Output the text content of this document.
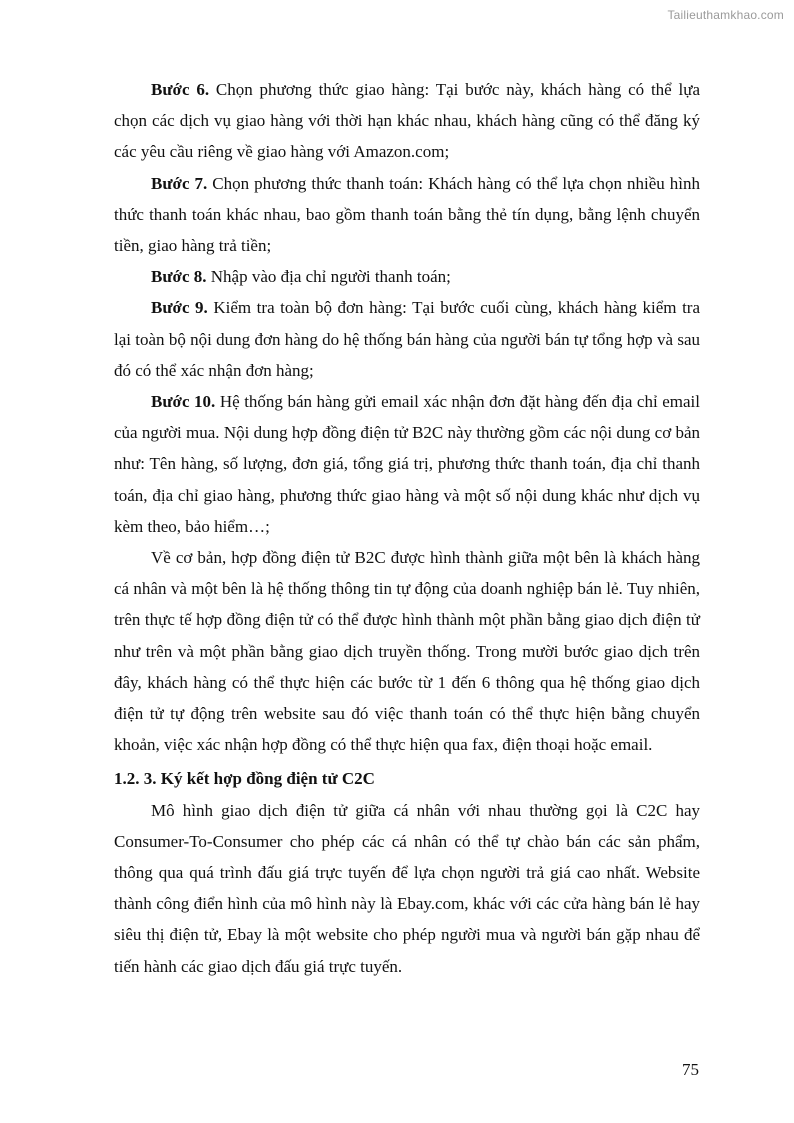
Tailieuthamkhao.com

Bước 6. Chọn phương thức giao hàng: Tại bước này, khách hàng có thể lựa chọn các dịch vụ giao hàng với thời hạn khác nhau, khách hàng cũng có thể đăng ký các yêu cầu riêng về giao hàng với Amazon.com;

Bước 7. Chọn phương thức thanh toán: Khách hàng có thể lựa chọn nhiều hình thức thanh toán khác nhau, bao gồm thanh toán bằng thẻ tín dụng, bằng lệnh chuyển tiền, giao hàng trả tiền;

Bước 8. Nhập vào địa chỉ người thanh toán;

Bước 9. Kiểm tra toàn bộ đơn hàng: Tại bước cuối cùng, khách hàng kiểm tra lại toàn bộ nội dung đơn hàng do hệ thống bán hàng của người bán tự tổng hợp và sau đó có thể xác nhận đơn hàng;

Bước 10. Hệ thống bán hàng gửi email xác nhận đơn đặt hàng đến địa chỉ email của người mua. Nội dung hợp đồng điện tử B2C này thường gồm các nội dung cơ bản như: Tên hàng, số lượng, đơn giá, tổng giá trị, phương thức thanh toán, địa chỉ thanh toán, địa chỉ giao hàng, phương thức giao hàng và một số nội dung khác như dịch vụ kèm theo, bảo hiểm…;

Về cơ bản, hợp đồng điện tử B2C được hình thành giữa một bên là khách hàng cá nhân và một bên là hệ thống thông tin tự động của doanh nghiệp bán lẻ. Tuy nhiên, trên thực tế hợp đồng điện tử có thể được hình thành một phần bằng giao dịch điện tử như trên và một phần bằng giao dịch truyền thống. Trong mười bước giao dịch trên đây, khách hàng có thể thực hiện các bước từ 1 đến 6 thông qua hệ thống giao dịch điện tử tự động trên website sau đó việc thanh toán có thể thực hiện bằng chuyển khoản, việc xác nhận hợp đồng có thể thực hiện qua fax, điện thoại hoặc email.

1.2. 3. Ký kết hợp đồng điện tử C2C

Mô hình giao dịch điện tử giữa cá nhân với nhau thường gọi là C2C hay Consumer-To-Consumer cho phép các cá nhân có thể tự chào bán các sản phẩm, thông qua quá trình đấu giá trực tuyến để lựa chọn người trả giá cao nhất. Website thành công điển hình của mô hình này là Ebay.com, khác với các cửa hàng bán lẻ hay siêu thị điện tử, Ebay là một website cho phép người mua và người bán gặp nhau để tiến hành các giao dịch đấu giá trực tuyến.

75
